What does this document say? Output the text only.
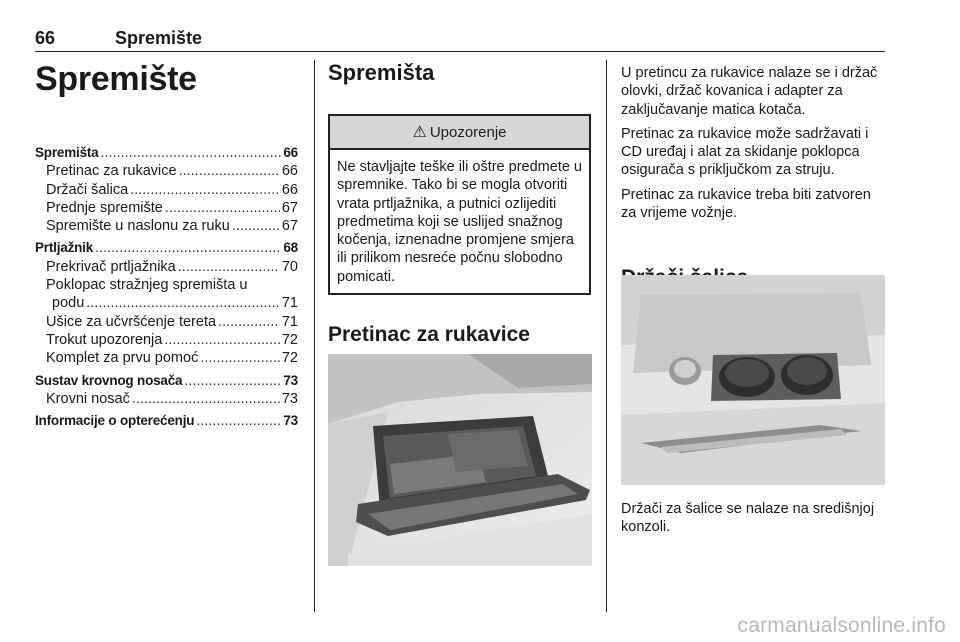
66	Spremište
Spremište
Spremišta .....	66
Pretinac za rukavice .....	66
Držači šalica .....	66
Prednje spremište .....	67
Spremište u naslonu za ruku .....	67
Prtljažnik .....	68
Prekrivač prtljažnika .....	70
Poklopac stražnjeg spremišta u
podu .....	71
Ušice za učvršćenje tereta .....	71
Trokut upozorenja .....	72
Komplet za prvu pomoć .....	72
Sustav krovnog nosača .....	73
Krovni nosač .....	73
Informacije o opterećenju .....	73
Spremišta
⚠ Upozorenje
Ne stavljajte teške ili oštre predmete u spremnike. Tako bi se mogla otvoriti vrata prtljažnika, a putnici ozlijediti predmetima koji se uslijed snažnog kočenja, iznenadne promjene smjera ili prilikom nesreće počnu slobodno pomicati.
Pretinac za rukavice

U pretincu za rukavice nalaze se i držač olovki, držač kovanica i adapter za zaključavanje matica kotača.

Pretinac za rukavice može sadržavati i CD uređaj i alat za skidanje poklopca osigurača s priključkom za struju.

Pretinac za rukavice treba biti zatvoren za vrijeme vožnje.

Držači za šalice se nalaze na središnjoj konzoli.
carmanualsonline.info
